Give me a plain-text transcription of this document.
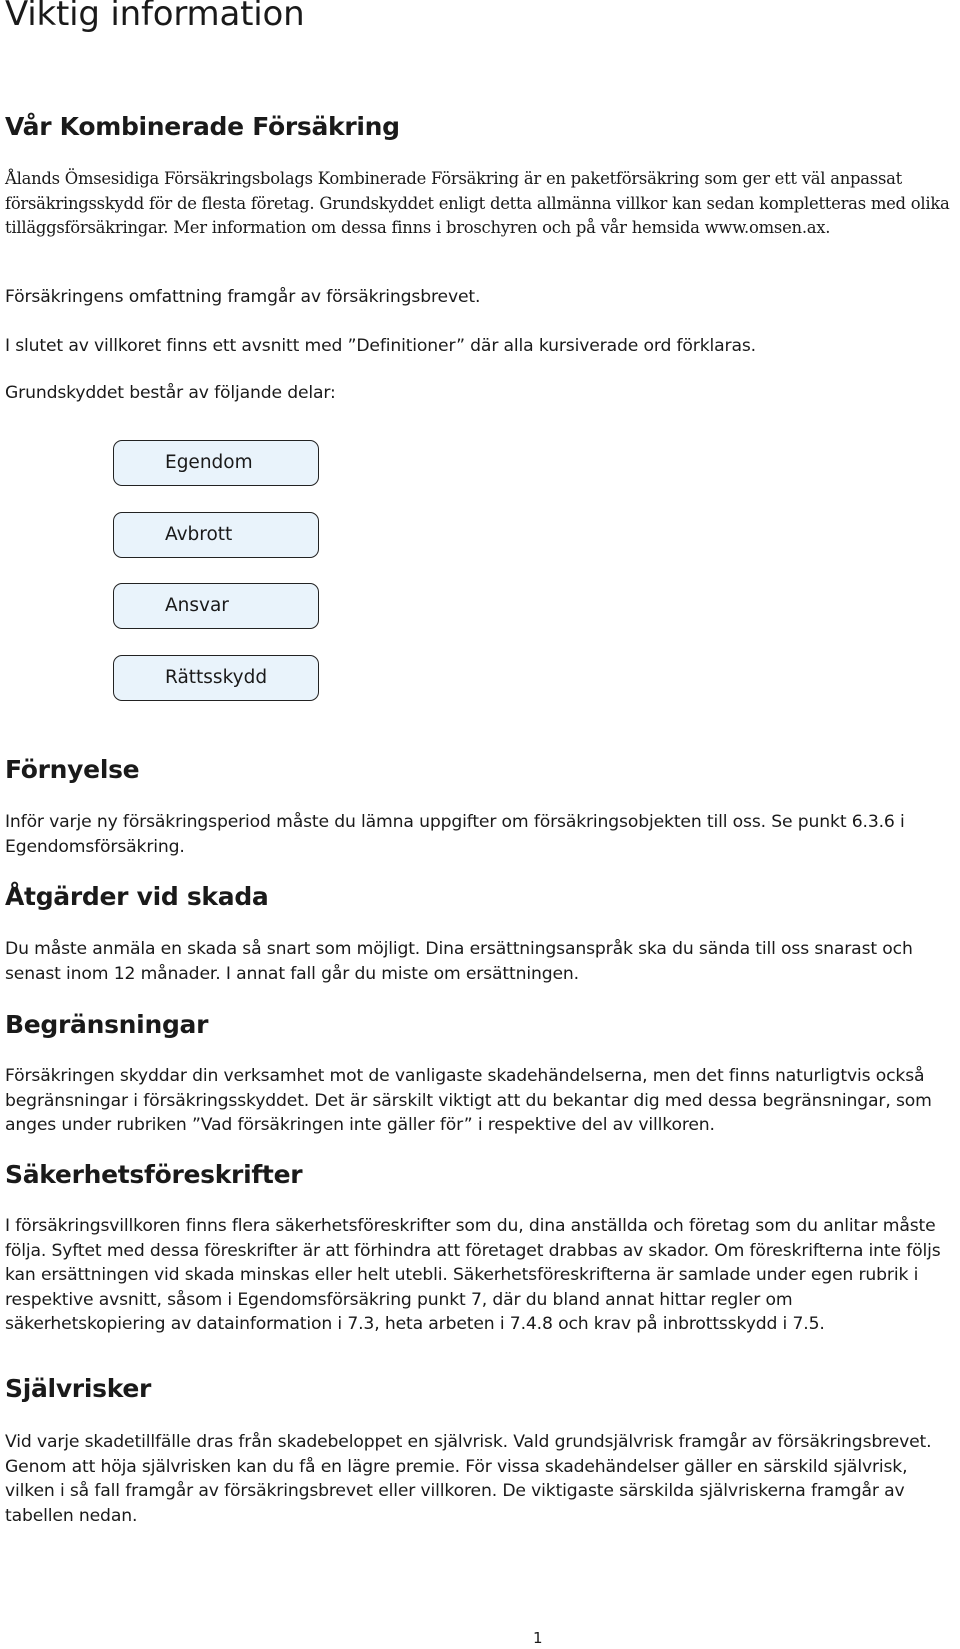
Viktig information
Vår Kombinerade Försäkring

Ålands Ömsesidiga Försäkringsbolags Kombinerade Försäkring är en paketförsäkring som ger ett väl anpassat försäkringsskydd för de flesta företag. Grundskyddet enligt detta allmänna villkor kan sedan kompletteras med olika tilläggsförsäkringar. Mer information om dessa finns i broschyren och på vår hemsida www.omsen.ax.

Försäkringens omfattning framgår av försäkringsbrevet.

I slutet av villkoret finns ett avsnitt med ”Definitioner” där alla kursiverade ord förklaras.

Grundskyddet består av följande delar:

Egendom
Avbrott
Ansvar
Rättsskydd
Förnyelse

Inför varje ny försäkringsperiod måste du lämna uppgifter om försäkringsobjekten till oss. Se punkt 6.3.6 i Egendomsförsäkring.

Åtgärder vid skada

Du måste anmäla en skada så snart som möjligt. Dina ersättningsanspråk ska du sända till oss snarast och senast inom 12 månader. I annat fall går du miste om ersättningen.

Begränsningar

Försäkringen skyddar din verksamhet mot de vanligaste skadehändelserna, men det finns naturligtvis också begränsningar i försäkringsskyddet. Det är särskilt viktigt att du bekantar dig med dessa begränsningar, som anges under rubriken ”Vad försäkringen inte gäller för” i respektive del av villkoren.

Säkerhetsföreskrifter

I försäkringsvillkoren finns flera säkerhetsföreskrifter som du, dina anställda och företag som du anlitar måste följa. Syftet med dessa föreskrifter är att förhindra att företaget drabbas av skador. Om föreskrifterna inte följs kan ersättningen vid skada minskas eller helt utebli. Säkerhetsföreskrifterna är samlade under egen rubrik i respektive avsnitt, såsom i Egendomsförsäkring punkt 7, där du bland annat hittar regler om säkerhetskopiering av datainformation i 7.3, heta arbeten i 7.4.8 och krav på inbrottsskydd i 7.5.

Självrisker

Vid varje skadetillfälle dras från skadebeloppet en självrisk. Vald grundsjälvrisk framgår av försäkringsbrevet. Genom att höja självrisken kan du få en lägre premie. För vissa skadehändelser gäller en särskild självrisk, vilken i så fall framgår av försäkringsbrevet eller villkoren. De viktigaste särskilda självriskerna framgår av tabellen nedan.

1
